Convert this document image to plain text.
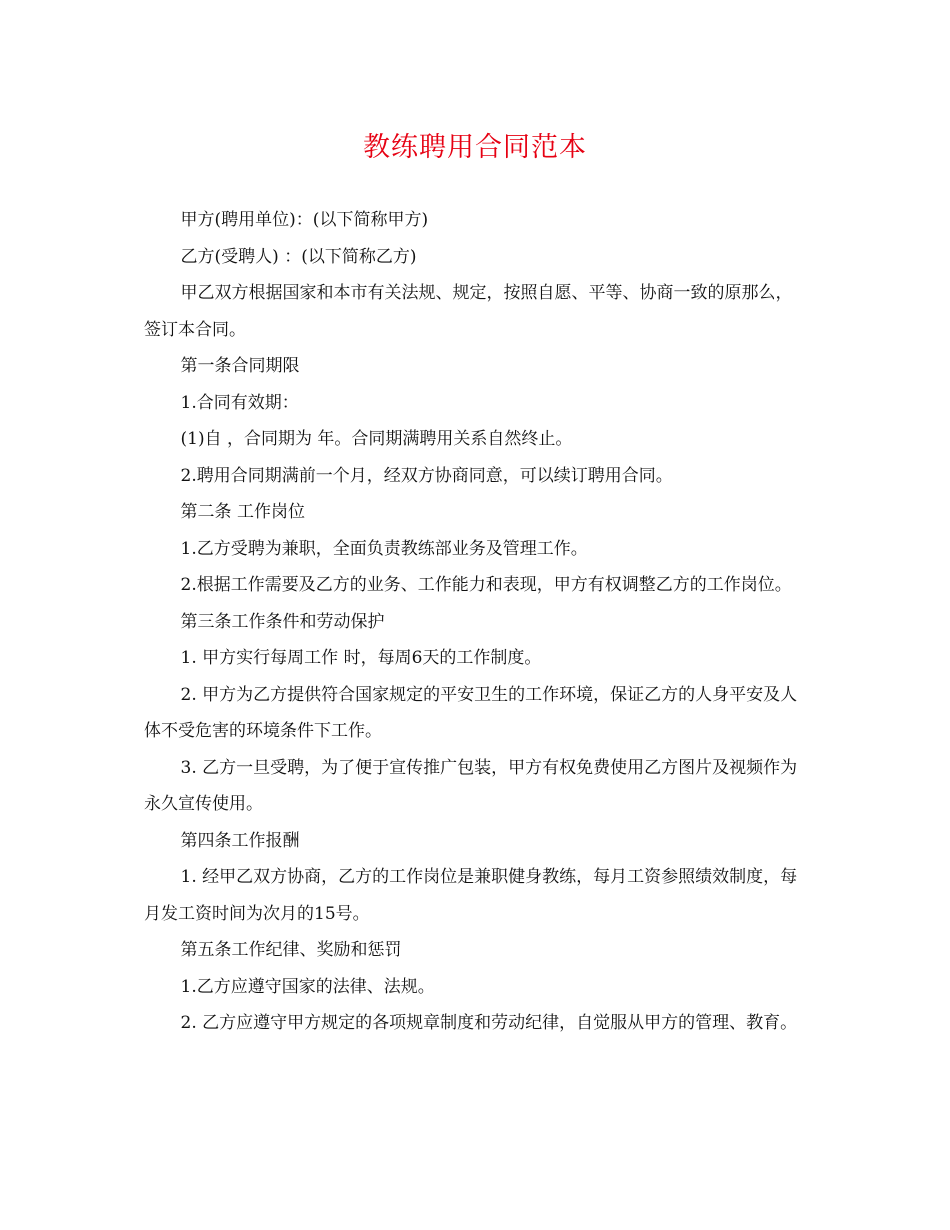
教练聘用合同范本

甲方(聘用单位)：(以下简称甲方)

乙方(受聘人) ：(以下简称乙方)

甲乙双方根据国家和本市有关法规、规定，按照自愿、平等、协商一致的原那么，签订本合同。

第一条合同期限

1.合同有效期：

(1)自 ，合同期为 年。合同期满聘用关系自然终止。

2.聘用合同期满前一个月，经双方协商同意，可以续订聘用合同。

第二条 工作岗位

1.乙方受聘为兼职，全面负责教练部业务及管理工作。

2.根据工作需要及乙方的业务、工作能力和表现，甲方有权调整乙方的工作岗位。

第三条工作条件和劳动保护

1. 甲方实行每周工作 时，每周6天的工作制度。

2. 甲方为乙方提供符合国家规定的平安卫生的工作环境，保证乙方的人身平安及人体不受危害的环境条件下工作。

3. 乙方一旦受聘，为了便于宣传推广包装，甲方有权免费使用乙方图片及视频作为永久宣传使用。

第四条工作报酬

1. 经甲乙双方协商，乙方的工作岗位是兼职健身教练，每月工资参照绩效制度，每月发工资时间为次月的15号。

第五条工作纪律、奖励和惩罚

1.乙方应遵守国家的法律、法规。

2. 乙方应遵守甲方规定的各项规章制度和劳动纪律，自觉服从甲方的管理、教育。
